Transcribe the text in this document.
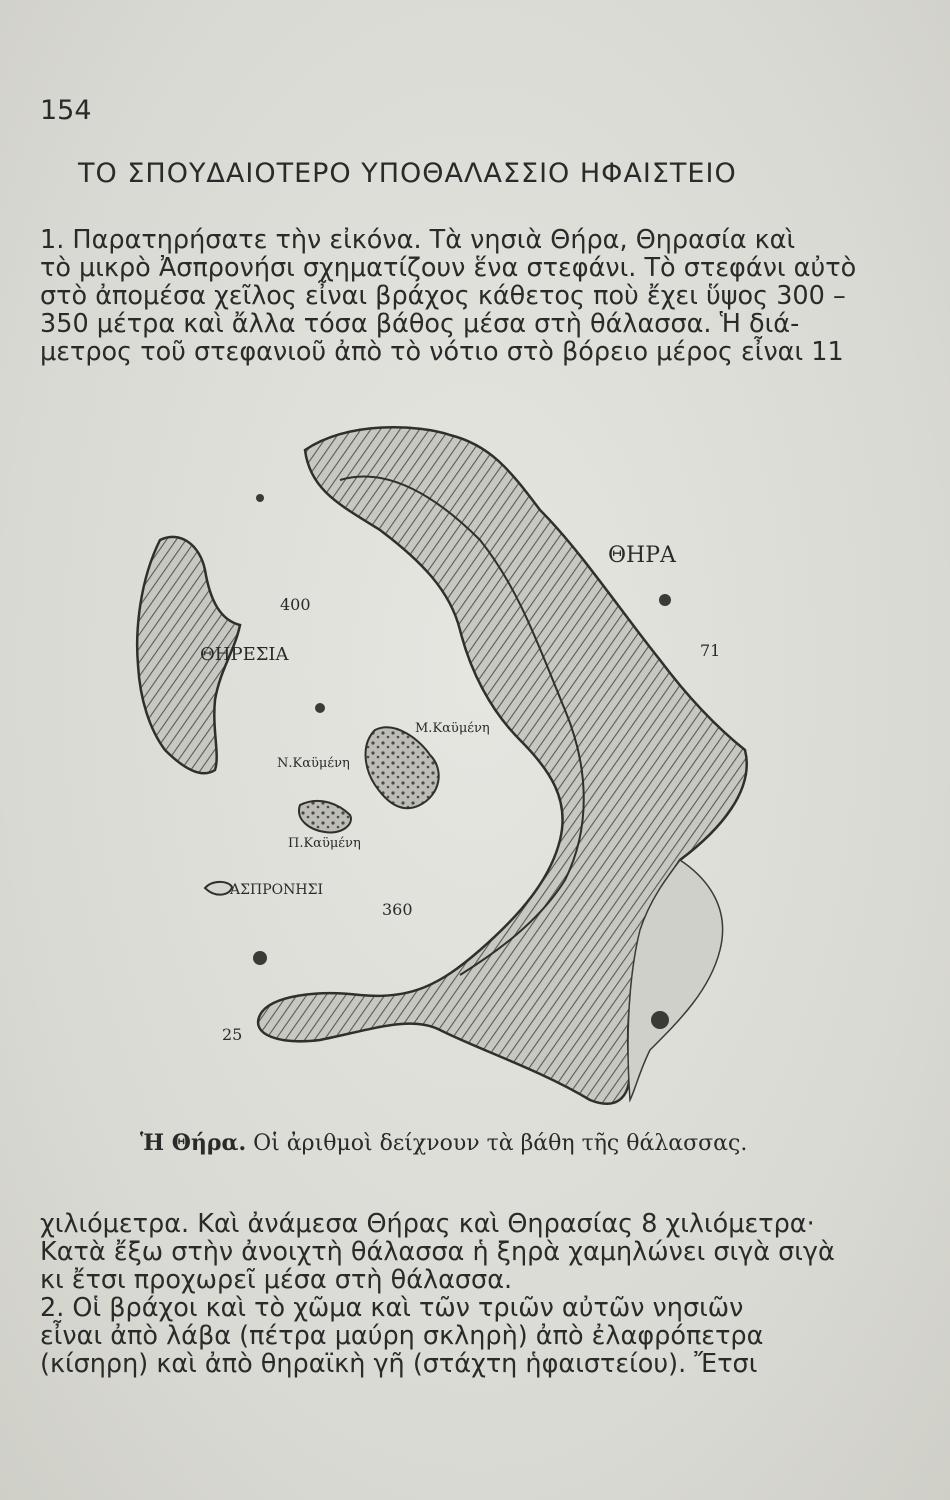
154
ΤΟ ΣΠΟΥΔΑΙΟΤΕΡΟ ΥΠΟΘΑΛΑΣΣΙΟ ΗΦΑΙΣΤΕΙΟ

1. Παρατηρήσατε τὴν εἰκόνα. Τὰ νησιὰ Θήρα, Θηρασία καὶ
τὸ μικρὸ Ἀσπρονήσι σχηματίζουν ἕνα στεφάνι. Τὸ στεφάνι αὐτὸ
στὸ ἀπομέσα χεῖλος εἶναι βράχος κάθετος ποὺ ἔχει ὕψος 300 –
350 μέτρα καὶ ἄλλα τόσα βάθος μέσα στὴ θάλασσα. Ἡ διά-
μετρος τοῦ στεφανιοῦ ἀπὸ τὸ νότιο στὸ βόρειο μέρος εἶναι 11

ΘΗΡΑ
ΘΗΡΕΣΙΑ
Μ.Καϋμένη
Ν.Καϋμένη
Π.Καϋμένη
ΑΣΠΡΟΝΗΣΙ
400
71
360
25
Ἡ Θήρα. Οἱ ἀριθμοὶ δείχνουν τὰ βάθη τῆς θάλασσας.

χιλιόμετρα. Καὶ ἀνάμεσα Θήρας καὶ Θηρασίας 8 χιλιόμετρα·
Κατὰ ἔξω στὴν ἀνοιχτὴ θάλασσα ἡ ξηρὰ χαμηλώνει σιγὰ σιγὰ
κι ἔτσι προχωρεῖ μέσα στὴ θάλασσα.
2. Οἱ βράχοι καὶ τὸ χῶμα καὶ τῶν τριῶν αὐτῶν νησιῶν
εἶναι ἀπὸ λάβα (πέτρα μαύρη σκληρὴ) ἀπὸ ἐλαφρόπετρα
(κίσηρη) καὶ ἀπὸ θηραϊκὴ γῆ (στάχτη ἡφαιστείου). Ἔτσι
